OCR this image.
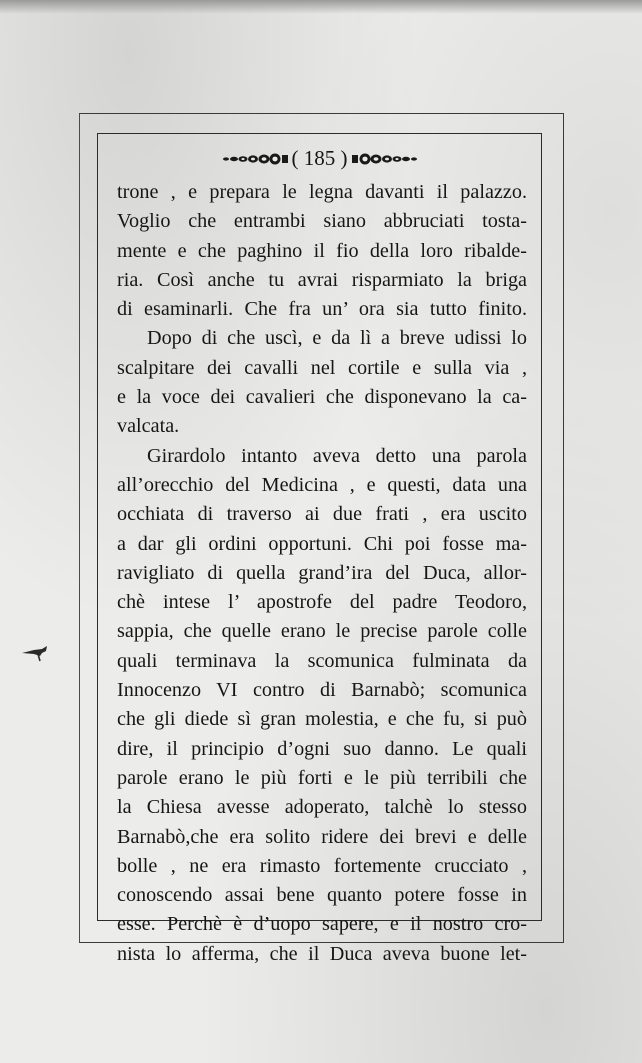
( 185 )
trone , e prepara le legna davanti il palazzo.
Voglio che entrambi siano abbruciati tosta-
mente e che paghino il fio della loro ribalde-
ria. Così anche tu avrai risparmiato la briga
di esaminarli. Che fra un’ ora sia tutto finito.
Dopo di che uscì, e da lì a breve udissi lo
scalpitare dei cavalli nel cortile e sulla via ,
e la voce dei cavalieri che disponevano la ca-
valcata.
Girardolo intanto aveva detto una parola
all’orecchio del Medicina , e questi, data una
occhiata di traverso ai due frati , era uscito
a dar gli ordini opportuni. Chi poi fosse ma-
ravigliato di quella grand’ira del Duca, allor-
chè intese l’ apostrofe del padre Teodoro,
sappia, che quelle erano le precise parole colle
quali terminava la scomunica fulminata da
Innocenzo VI contro di Barnabò; scomunica
che gli diede sì gran molestia, e che fu, si può
dire, il principio d’ogni suo danno. Le quali
parole erano le più forti e le più terribili che
la Chiesa avesse adoperato, talchè lo stesso
Barnabò,che era solito ridere dei brevi e delle
bolle , ne era rimasto fortemente crucciato ,
conoscendo assai bene quanto potere fosse in
esse. Perchè è d’uopo sapere, e il nostro cro-
nista lo afferma, che il Duca aveva buone let-
